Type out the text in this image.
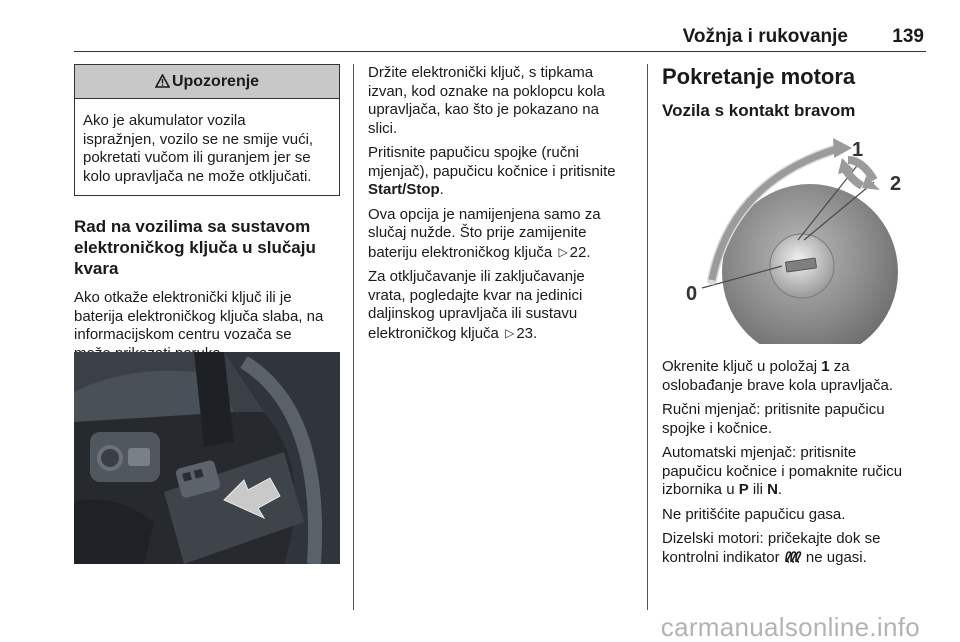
Vožnja i rukovanje 139
Upozorenje
Ako je akumulator vozila
ispražnjen, vozilo se ne smije vući,
pokretati vučom ili guranjem jer se
kolo upravljača ne može otključati.
Rad na vozilima sa sustavom
elektroničkog ključa u slučaju
kvara
Ako otkaže elektronički ključ ili je
baterija elektroničkog ključa slaba, na
informacijskom centru vozača se
Držite elektronički ključ, s tipkama
izvan, kod oznake na poklopcu kola
upravljača, kao što je pokazano na
slici.
Pritisnite papučicu spojke (ručni
mjenjač), papučicu kočnice i pritisnite
Start/Stop.
Ova opcija je namijenjena samo za
slučaj nužde. Što prije zamijenite
bateriju elektroničkog ključa ▷ 22.
Za otključavanje ili zaključavanje
vrata, pogledajte kvar na jedinici
daljinskog upravljača ili sustavu
elektroničkog ključa ▷ 23.
Pokretanje motora
Vozila s kontakt bravom
0
1
2
Okrenite ključ u položaj 1 za
oslobađanje brave kola upravljača.
Ručni mjenjač: pritisnite papučicu
spojke i kočnice.
Automatski mjenjač: pritisnite
papučicu kočnice i pomaknite ručicu
izbornika u P ili N.
Ne pritišćite papučicu gasa.
Dizelski motori: pričekajte dok se
kontrolni indikator ne ugasi.
carmanualsonline.info
